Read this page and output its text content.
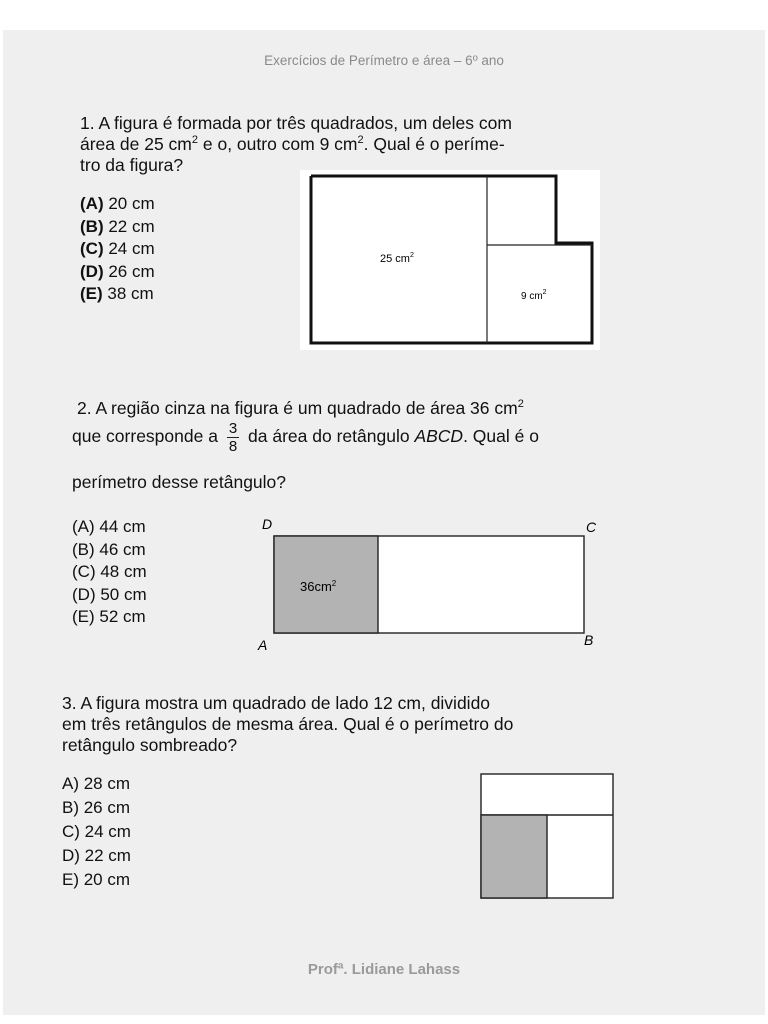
Exercícios de Perímetro e área – 6º ano
1. A figura é formada por três quadrados, um deles com
área de 25 $cm^2$ e o, outro com 9 $cm^2$. Qual é o períme-
tro da figura?
(A) 20 cm
(B) 22 cm
(C) 24 cm
(D) 26 cm
(E) 38 cm
25 $cm^2$
9 $cm^2$
2. A região cinza na figura é um quadrado de área 36 $cm^2$
que corresponde a $\frac{3}{8}$ da área do retângulo ABCD. Qual é o
perímetro desse retângulo?
(A) 44 cm
(B) 46 cm
(C) 48 cm
(D) 50 cm
(E) 52 cm
$36cm^2$
D	C
A	B
3. A figura mostra um quadrado de lado 12 cm, dividido
em três retângulos de mesma área. Qual é o perímetro do
retângulo sombreado?
A) 28 cm
B) 26 cm
C) 24 cm
D) 22 cm
E) 20 cm
Profª. Lidiane Lahass
